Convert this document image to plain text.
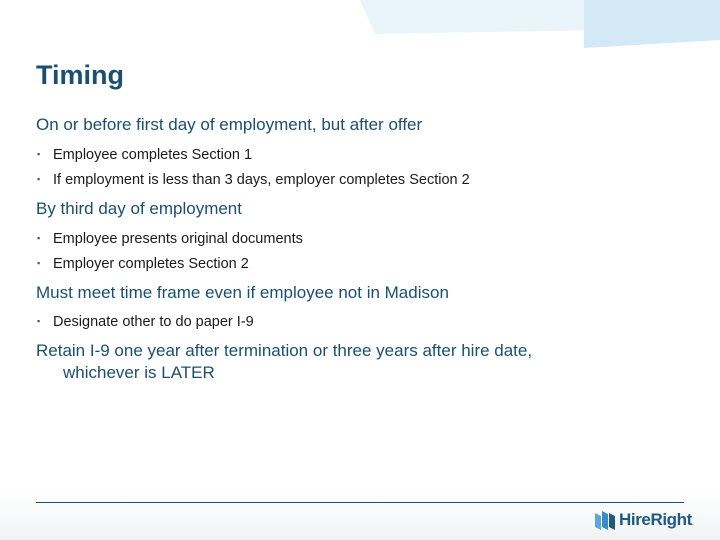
Timing
On or before first day of employment, but after offer
▪ Employee completes Section 1
▪ If employment is less than 3 days, employer completes Section 2
By third day of employment
▪ Employee presents original documents
▪ Employer completes Section 2
Must meet time frame even if employee not in Madison
▪ Designate other to do paper I-9
Retain I-9 one year after termination or three years after hire date,
whichever is LATER
HireRight.
